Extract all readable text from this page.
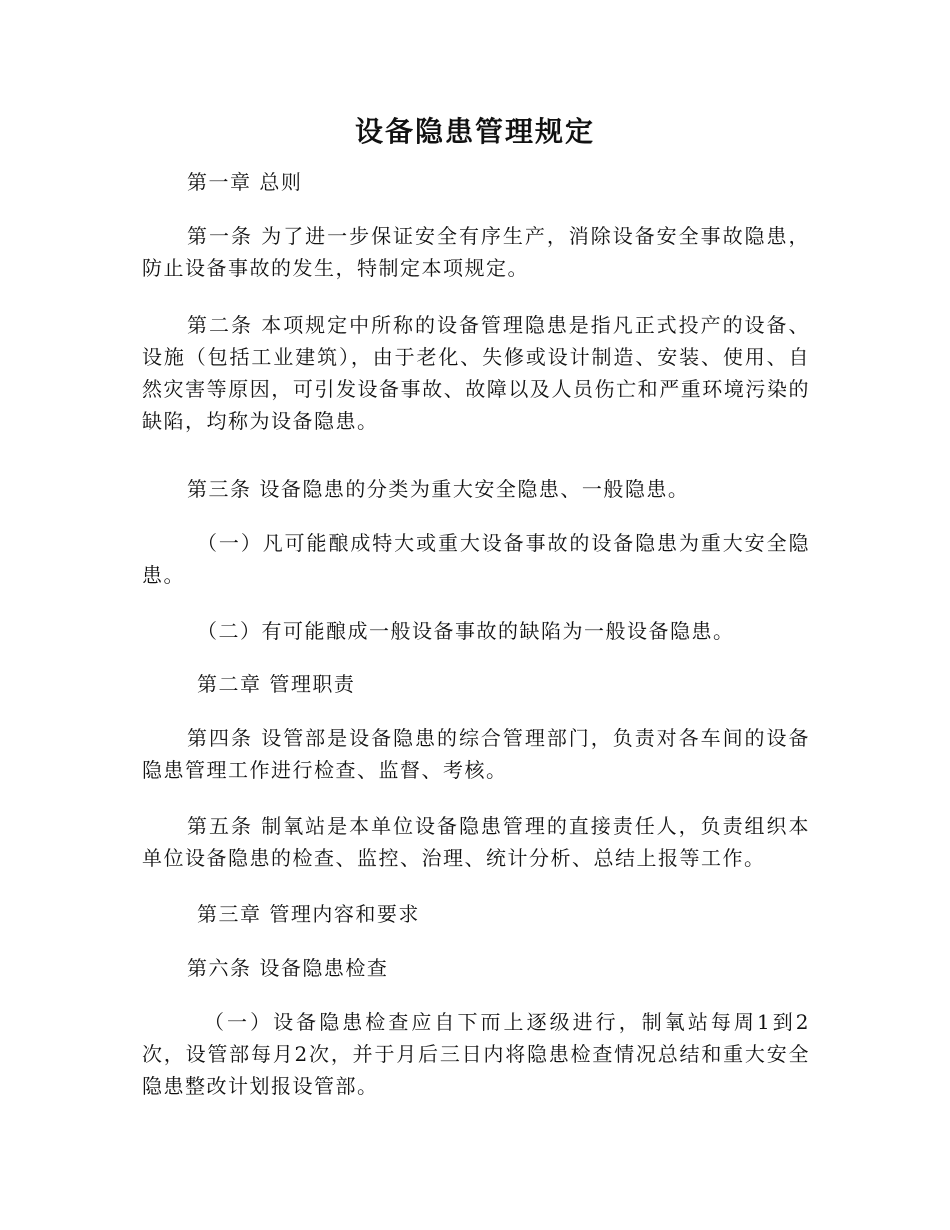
设备隐患管理规定

第一章 总则

第一条 为了进一步保证安全有序生产，消除设备安全事故隐患，防止设备事故的发生，特制定本项规定。

第二条 本项规定中所称的设备管理隐患是指凡正式投产的设备、设施（包括工业建筑），由于老化、失修或设计制造、安装、使用、自然灾害等原因，可引发设备事故、故障以及人员伤亡和严重环境污染的缺陷，均称为设备隐患。

第三条 设备隐患的分类为重大安全隐患、一般隐患。

（一）凡可能酿成特大或重大设备事故的设备隐患为重大安全隐患。

（二）有可能酿成一般设备事故的缺陷为一般设备隐患。

第二章 管理职责

第四条 设管部是设备隐患的综合管理部门，负责对各车间的设备隐患管理工作进行检查、监督、考核。

第五条 制氧站是本单位设备隐患管理的直接责任人，负责组织本单位设备隐患的检查、监控、治理、统计分析、总结上报等工作。

第三章 管理内容和要求

第六条 设备隐患检查

（一）设备隐患检查应自下而上逐级进行，制氧站每周1到2次，设管部每月2次，并于月后三日内将隐患检查情况总结和重大安全隐患整改计划报设管部。
